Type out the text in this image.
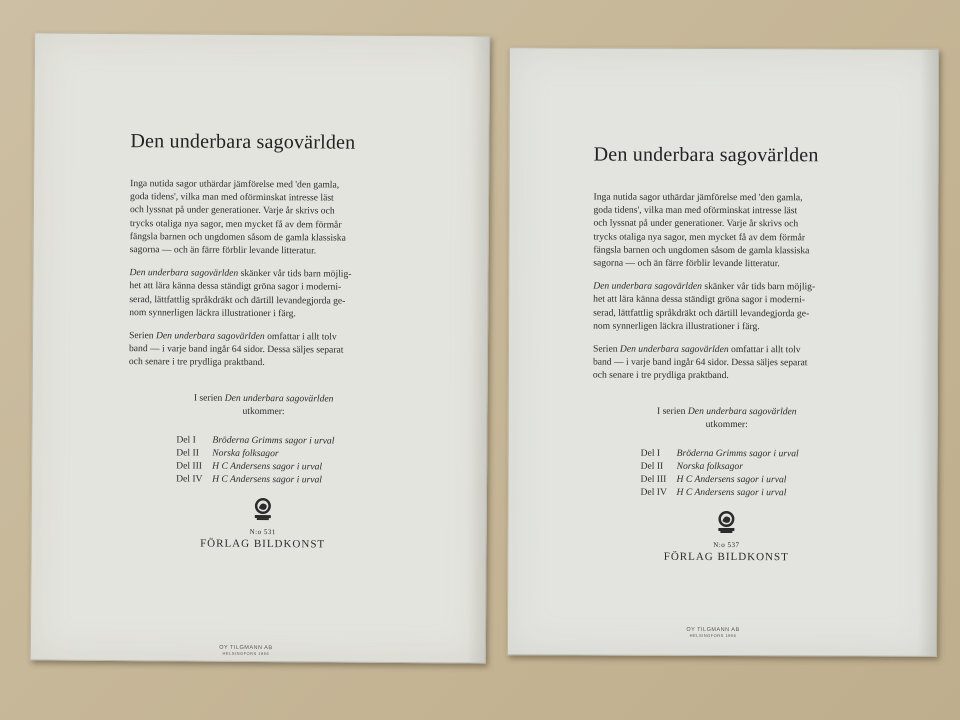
Den underbara sagovärlden

Inga nutida sagor uthärdar jämförelse med 'den gamla,
goda tidens', vilka man med oförminskat intresse läst
och lyssnat på under generationer. Varje år skrivs och
trycks otaliga nya sagor, men mycket få av dem förmår
fängsla barnen och ungdomen såsom de gamla klassiska
sagorna — och än färre förblir levande litteratur.

Den underbara sagovärlden skänker vår tids barn möjlig-
het att lära känna dessa ständigt gröna sagor i moderni-
serad, lättfattlig språkdräkt och därtill levandegjorda ge-
nom synnerligen läckra illustrationer i färg.

Serien Den underbara sagovärlden omfattar i allt tolv
band — i varje band ingår 64 sidor. Dessa säljes separat
och senare i tre prydliga praktband.

I serien Den underbara sagovärlden
utkommer:
Del I	Bröderna Grimms sagor i urval
Del II	Norska folksagor
Del III	H C Andersens sagor i urval
Del IV H C Andersens sagor i urval
N:o 531
FÖRLAG BILDKONST
OY TILGMANN AB
HELSINGFORS 1956
Den underbara sagovärlden

Inga nutida sagor uthärdar jämförelse med 'den gamla,
goda tidens', vilka man med oförminskat intresse läst
och lyssnat på under generationer. Varje år skrivs och
trycks otaliga nya sagor, men mycket få av dem förmår
fängsla barnen och ungdomen såsom de gamla klassiska
sagorna — och än färre förblir levande litteratur.

Den underbara sagovärlden skänker vår tids barn möjlig-
het att lära känna dessa ständigt gröna sagor i moderni-
serad, lättfattlig språkdräkt och därtill levandegjorda ge-
nom synnerligen läckra illustrationer i färg.

Serien Den underbara sagovärlden omfattar i allt tolv
band — i varje band ingår 64 sidor. Dessa säljes separat
och senare i tre prydliga praktband.

I serien Den underbara sagovärlden
utkommer:
Del I	Bröderna Grimms sagor i urval
Del II	Norska folksagor
Del III	H C Andersens sagor i urval
Del IV H C Andersens sagor i urval
N:o 537
FÖRLAG BILDKONST
OY TILGMANN AB
HELSINGFORS 1956
